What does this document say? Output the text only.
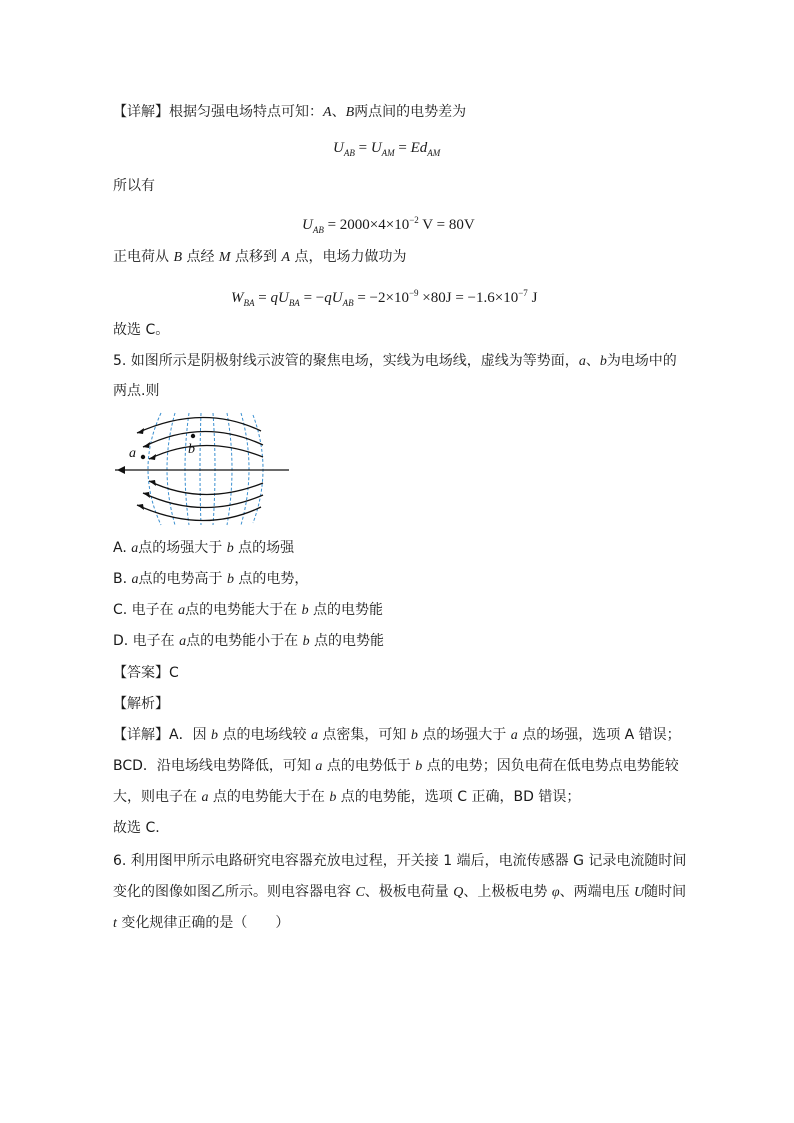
【详解】根据匀强电场特点可知：A、B两点间的电势差为
$U_{AB} = U_{AM} = Ed_{AM}$
所以有
$U_{AB} = 2000\times 4\times 10^{-2}$ V = 80V
正电荷从 B 点经 M 点移到 A 点，电场力做功为
$W_{BA} = qU_{BA} = -qU_{AB} = -2\times 10^{-9} \times 80J = -1.6\times 10^{-7}$ J
故选 C。
5. 如图所示是阴极射线示波管的聚焦电场，实线为电场线，虚线为等势面，a、b为电场中的
两点.则
b
a
A. a点的场强大于 b 点的场强
B. a点的电势高于 b 点的电势，
C. 电子在 a点的电势能大于在 b 点的电势能
D. 电子在 a点的电势能小于在 b 点的电势能
【答案】C
【解析】
【详解】A．因 b 点的电场线较 a 点密集，可知 b 点的场强大于 a 点的场强，选项 A 错误；
BCD．沿电场线电势降低，可知 a 点的电势低于 b 点的电势；因负电荷在低电势点电势能较
大，则电子在 a 点的电势能大于在 b 点的电势能，选项 C 正确，BD 错误；
故选 C.
6. 利用图甲所示电路研究电容器充放电过程，开关接 1 端后，电流传感器 G 记录电流随时间
变化的图像如图乙所示。则电容器电容 C、极板电荷量 Q、上极板电势 φ、两端电压 U随时间
t 变化规律正确的是（　　）
